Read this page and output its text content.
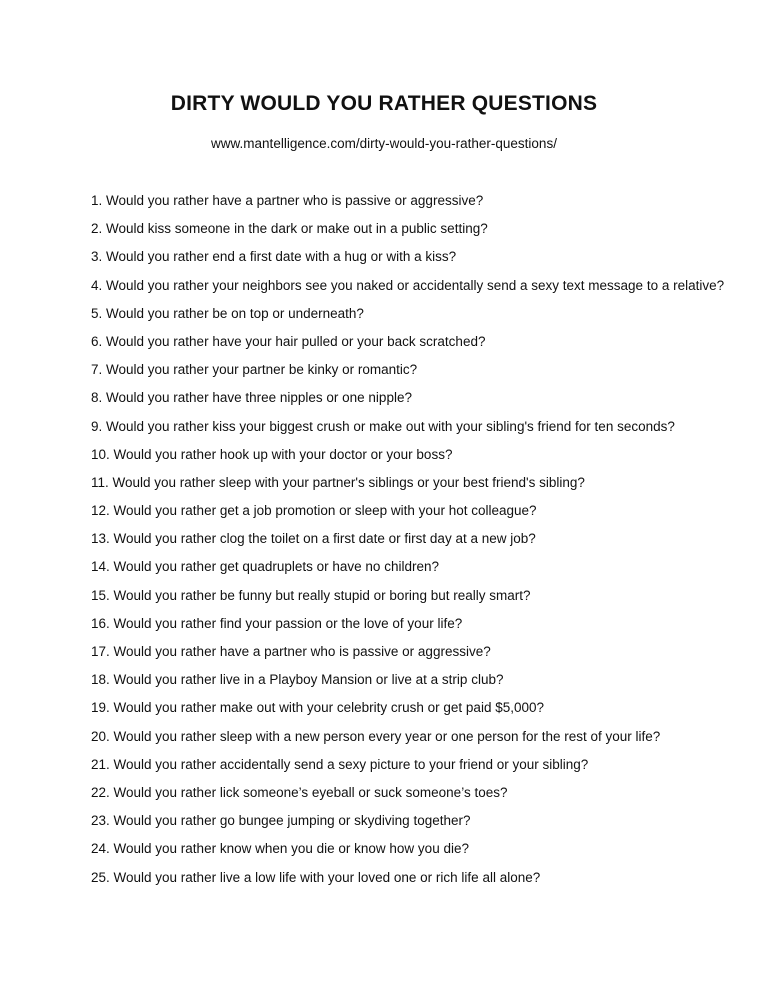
DIRTY WOULD YOU RATHER QUESTIONS

www.mantelligence.com/dirty-would-you-rather-questions/

1. Would you rather have a partner who is passive or aggressive?
2. Would kiss someone in the dark or make out in a public setting?
3. Would you rather end a first date with a hug or with a kiss?
4. Would you rather your neighbors see you naked or accidentally send a sexy text message to a relative?
5. Would you rather be on top or underneath?
6. Would you rather have your hair pulled or your back scratched?
7. Would you rather your partner be kinky or romantic?
8. Would you rather have three nipples or one nipple?
9. Would you rather kiss your biggest crush or make out with your sibling's friend for ten seconds?
10. Would you rather hook up with your doctor or your boss?
11. Would you rather sleep with your partner's siblings or your best friend's sibling?
12. Would you rather get a job promotion or sleep with your hot colleague?
13. Would you rather clog the toilet on a first date or first day at a new job?
14. Would you rather get quadruplets or have no children?
15. Would you rather be funny but really stupid or boring but really smart?
16. Would you rather find your passion or the love of your life?
17. Would you rather have a partner who is passive or aggressive?
18. Would you rather live in a Playboy Mansion or live at a strip club?
19. Would you rather make out with your celebrity crush or get paid $5,000?
20. Would you rather sleep with a new person every year or one person for the rest of your life?
21. Would you rather accidentally send a sexy picture to your friend or your sibling?
22. Would you rather lick someone’s eyeball or suck someone’s toes?
23. Would you rather go bungee jumping or skydiving together?
24. Would you rather know when you die or know how you die?
25. Would you rather live a low life with your loved one or rich life all alone?
